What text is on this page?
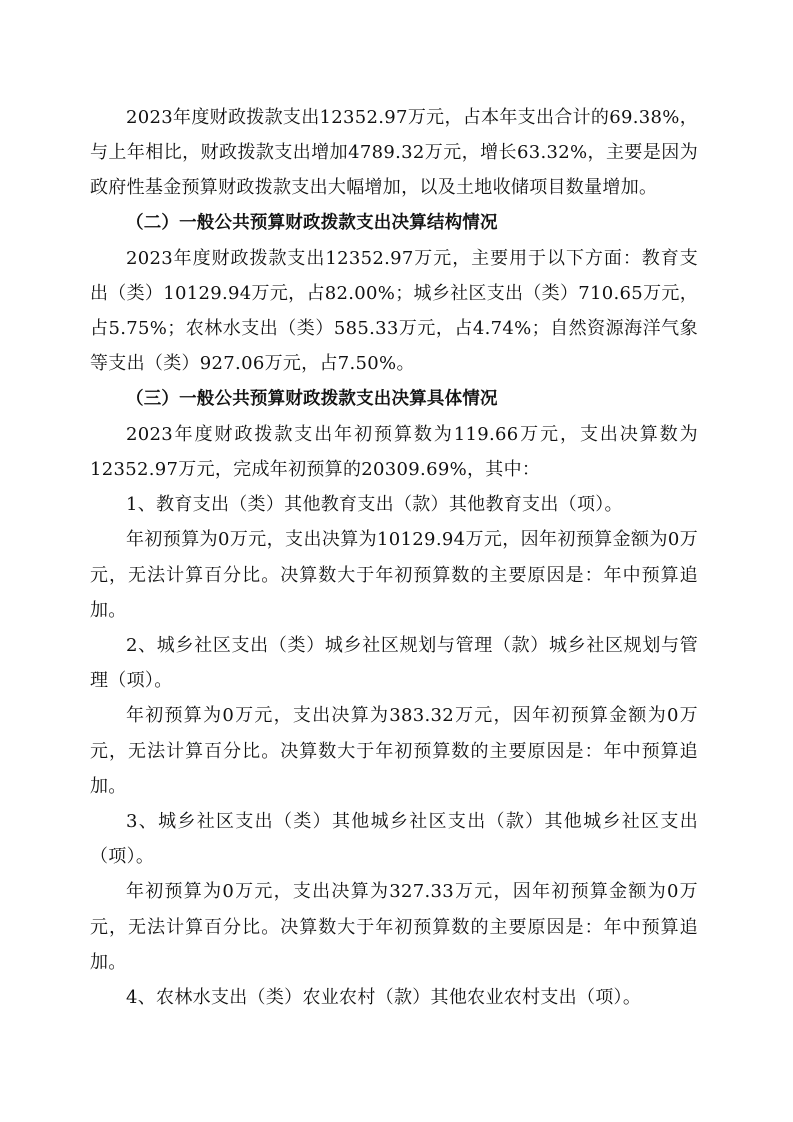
2023年度财政拨款支出12352.97万元，占本年支出合计的69.38%，与上年相比，财政拨款支出增加4789.32万元，增长63.32%，主要是因为政府性基金预算财政拨款支出大幅增加，以及土地收储项目数量增加。

（二）一般公共预算财政拨款支出决算结构情况

2023年度财政拨款支出12352.97万元，主要用于以下方面：教育支出（类）10129.94万元，占82.00%；城乡社区支出（类）710.65万元，占5.75%；农林水支出（类）585.33万元，占4.74%；自然资源海洋气象等支出（类）927.06万元，占7.50%。

（三）一般公共预算财政拨款支出决算具体情况

2023年度财政拨款支出年初预算数为119.66万元，支出决算数为12352.97万元，完成年初预算的20309.69%，其中：

1、教育支出（类）其他教育支出（款）其他教育支出（项）。

年初预算为0万元，支出决算为10129.94万元，因年初预算金额为0万元，无法计算百分比。决算数大于年初预算数的主要原因是：年中预算追加。

2、城乡社区支出（类）城乡社区规划与管理（款）城乡社区规划与管理（项）。

年初预算为0万元，支出决算为383.32万元，因年初预算金额为0万元，无法计算百分比。决算数大于年初预算数的主要原因是：年中预算追加。

3、城乡社区支出（类）其他城乡社区支出（款）其他城乡社区支出（项）。

年初预算为0万元，支出决算为327.33万元，因年初预算金额为0万元，无法计算百分比。决算数大于年初预算数的主要原因是：年中预算追加。

4、农林水支出（类）农业农村（款）其他农业农村支出（项）。
